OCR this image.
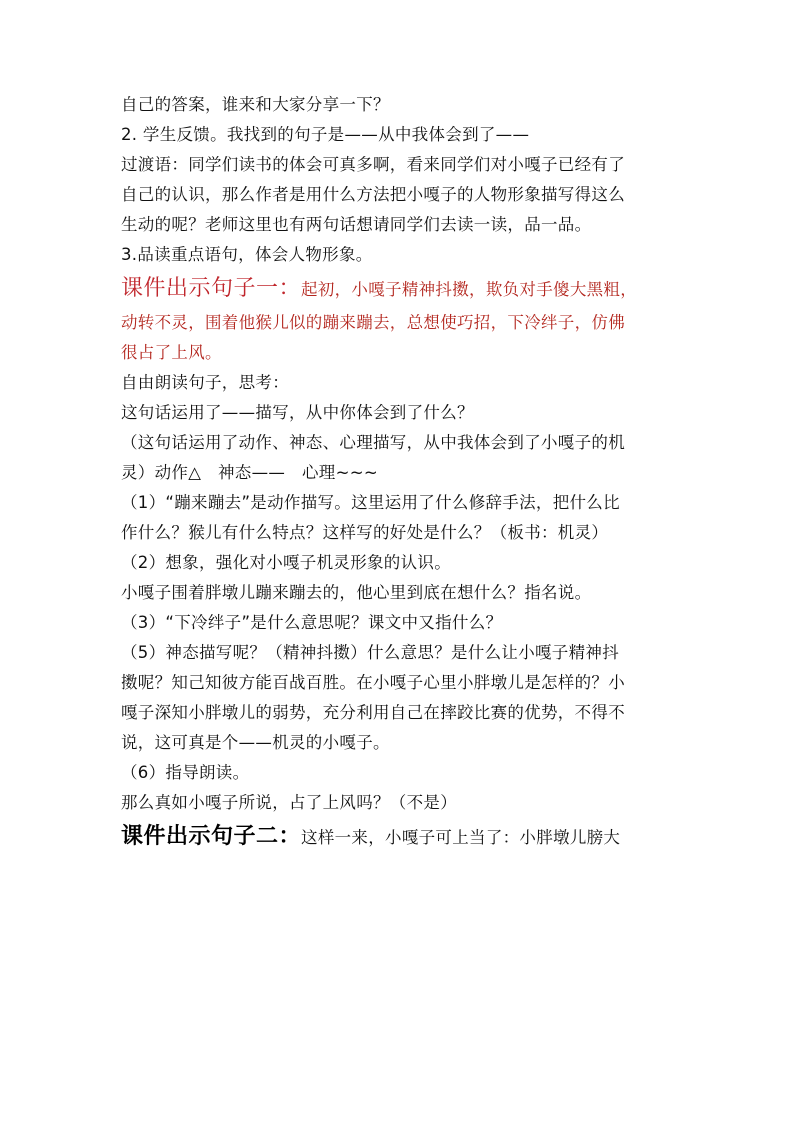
自己的答案，谁来和大家分享一下？
2. 学生反馈。我找到的句子是——从中我体会到了——
过渡语：同学们读书的体会可真多啊，看来同学们对小嘎子已经有了
自己的认识，那么作者是用什么方法把小嘎子的人物形象描写得这么
生动的呢？老师这里也有两句话想请同学们去读一读，品一品。
3.品读重点语句，体会人物形象。
课件出示句子一：起初，小嘎子精神抖擞，欺负对手傻大黑粗，
动转不灵，围着他猴儿似的蹦来蹦去，总想使巧招，下冷绊子，仿佛
很占了上风。
自由朗读句子，思考：
这句话运用了——描写，从中你体会到了什么？
（这句话运用了动作、神态、心理描写，从中我体会到了小嘎子的机
灵）动作△　神态——　心理~~~
（1）“蹦来蹦去”是动作描写。这里运用了什么修辞手法，把什么比
作什么？猴儿有什么特点？这样写的好处是什么？（板书：机灵）
（2）想象，强化对小嘎子机灵形象的认识。
小嘎子围着胖墩儿蹦来蹦去的，他心里到底在想什么？指名说。
（3）“下冷绊子”是什么意思呢？课文中又指什么？
（5）神态描写呢？（精神抖擞）什么意思？是什么让小嘎子精神抖
擞呢？知己知彼方能百战百胜。在小嘎子心里小胖墩儿是怎样的？小
嘎子深知小胖墩儿的弱势，充分利用自己在摔跤比赛的优势，不得不
说，这可真是个——机灵的小嘎子。
（6）指导朗读。
那么真如小嘎子所说，占了上风吗？（不是）
课件出示句子二：这样一来，小嘎子可上当了：小胖墩儿膀大
